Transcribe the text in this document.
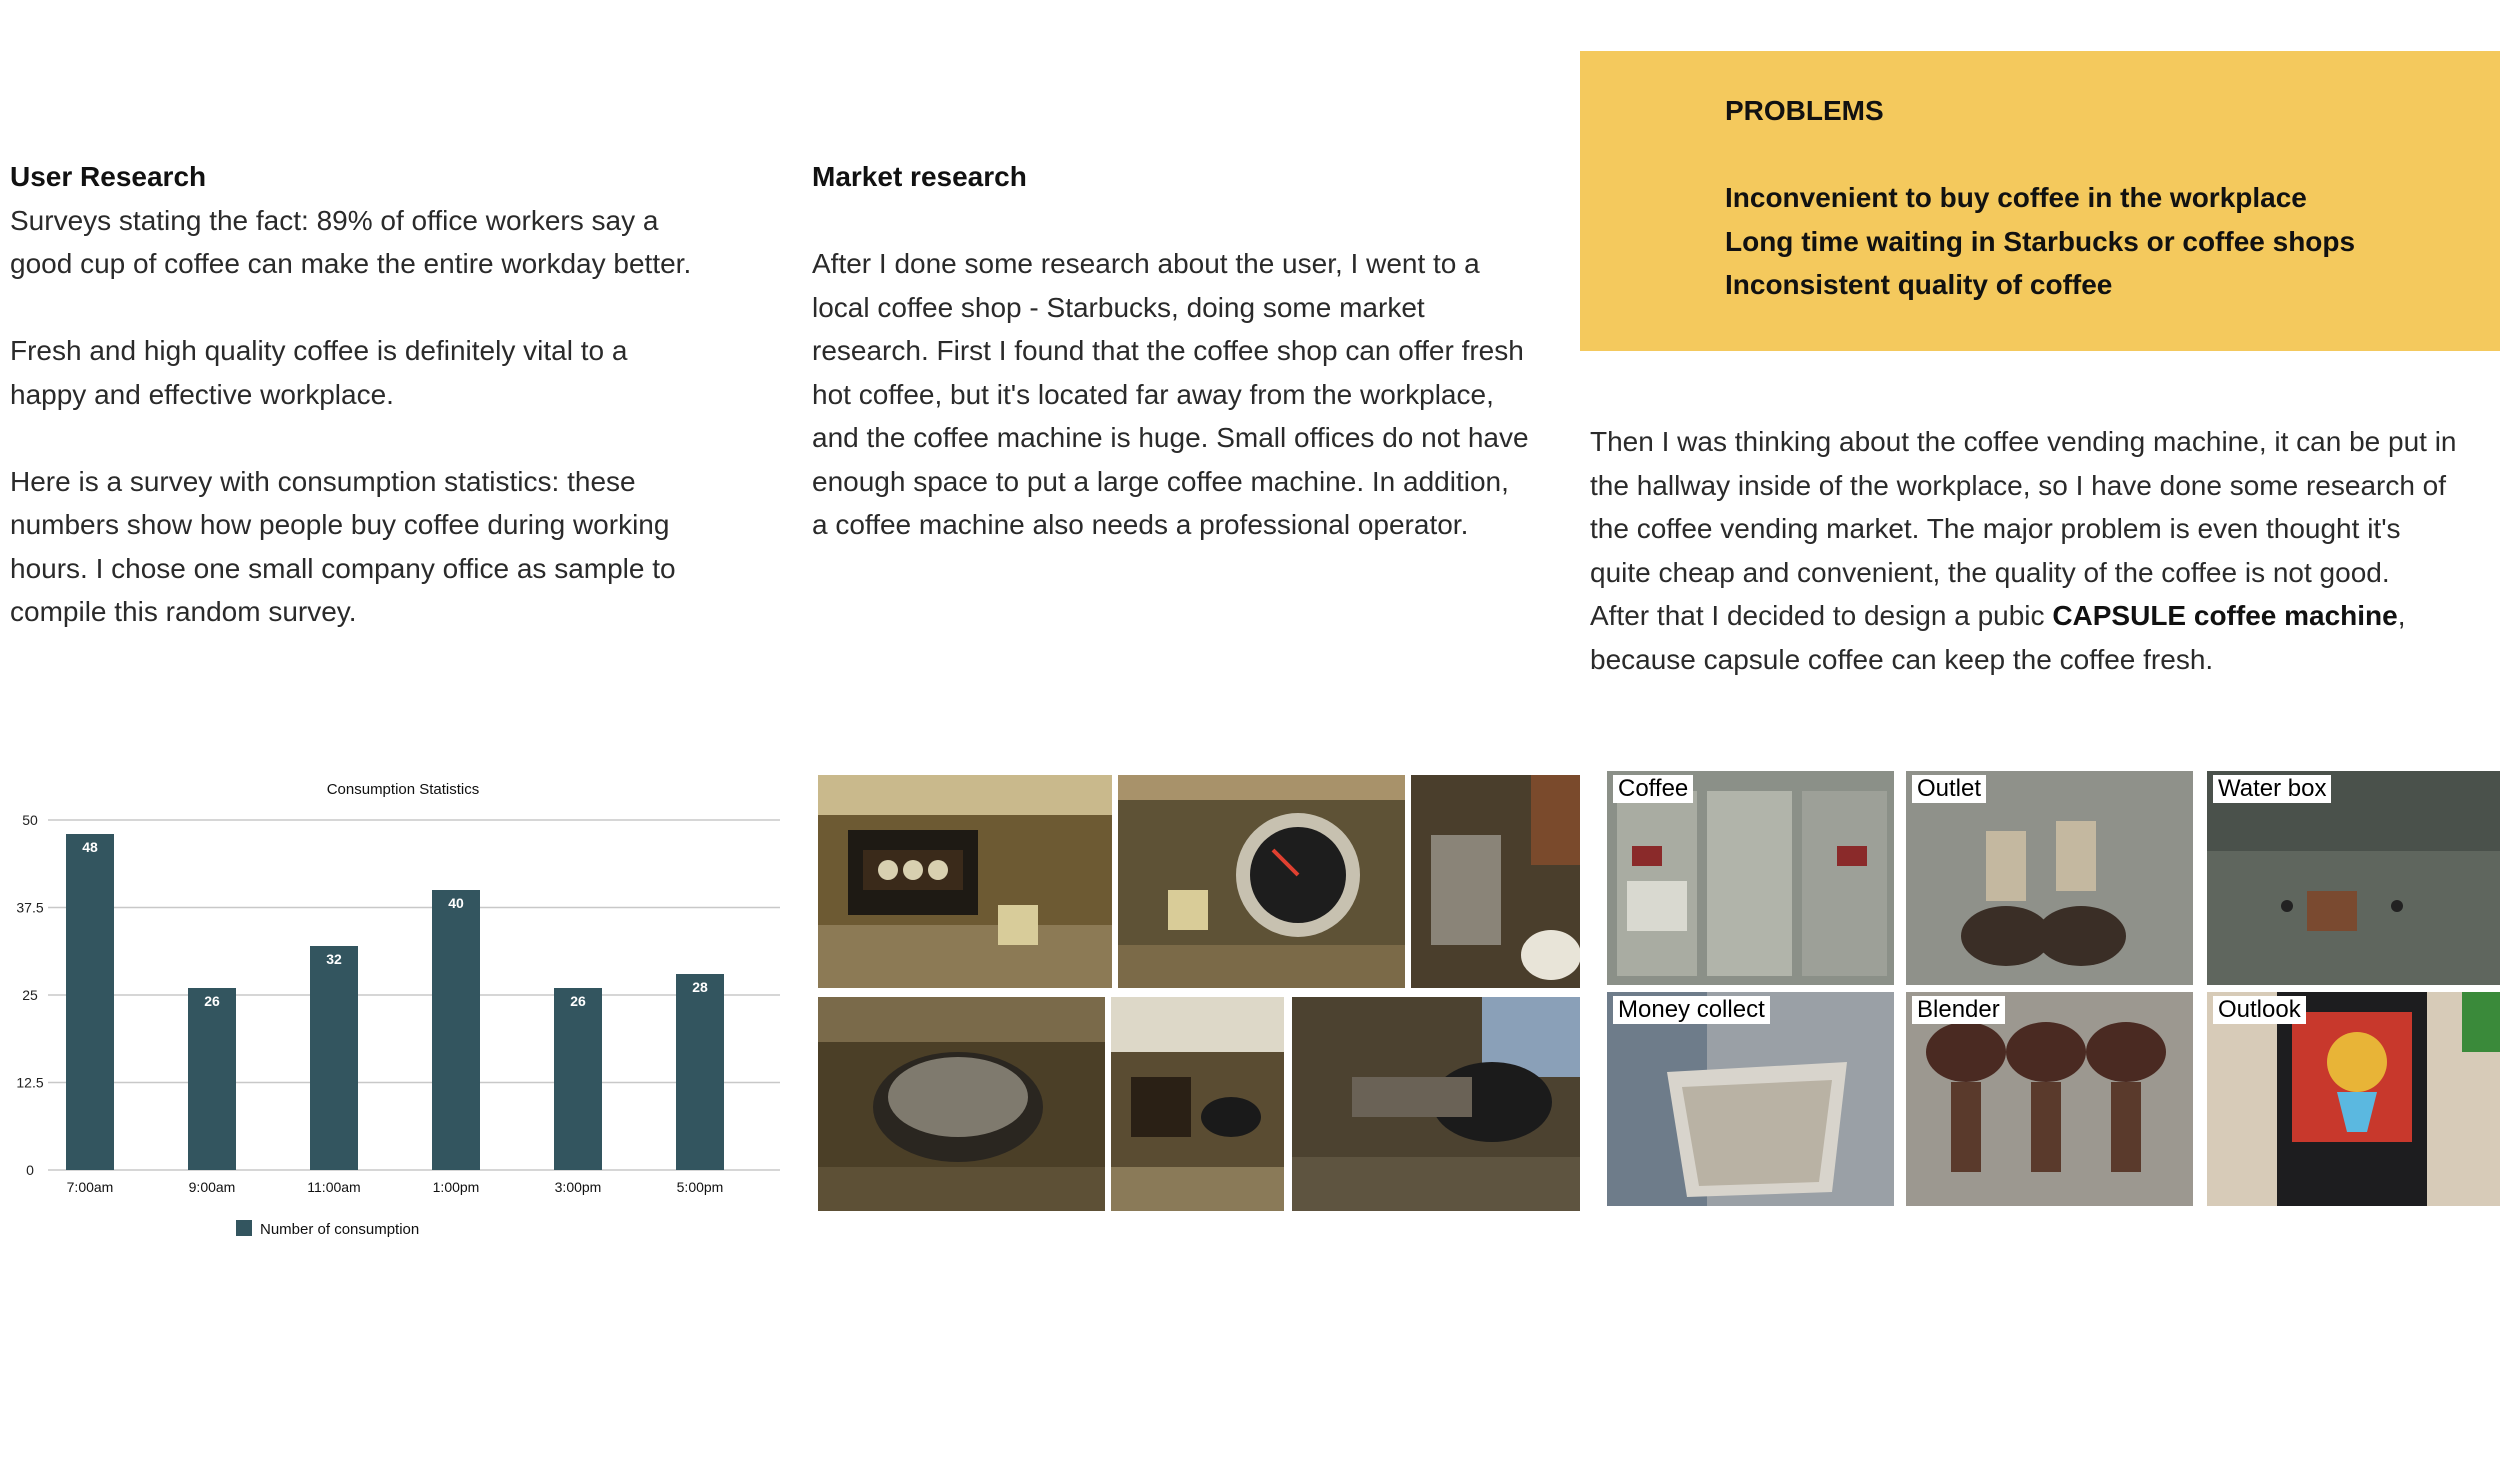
User Research

Surveys stating the fact: 89% of office workers say a good cup of coffee can make the entire workday better.

Fresh and high quality coffee is definitely vital to a happy and effective workplace.

Here is a survey with consumption statistics: these numbers show how people buy coffee during working hours. I chose one small company office as sample to compile this random survey.

Market research

After I done some research about the user, I went to a local coffee shop - Starbucks, doing some market research. First I found that the coffee shop can offer fresh hot coffee, but it's located far away from the workplace, and the coffee machine is huge. Small offices do not have enough space to put a large coffee machine. In addition, a coffee machine also needs a professional operator.

PROBLEMS

Inconvenient to buy coffee in the workplace

Long time waiting in Starbucks or coffee shops

Inconsistent quality of coffee

Then I was thinking about the coffee vending machine, it can be put in the hallway inside of the workplace, so I have done some research of the coffee vending market. The major problem is even thought it's quite cheap and convenient, the quality of the coffee is not good.

After that I decided to design a pubic CAPSULE coffee machine, because capsule coffee can keep the coffee fresh.

Consumption Statistics
0
12.5
25
37.5
50
48
7:00am
26
9:00am
32
11:00am
40
1:00pm
26
3:00pm
28
5:00pm
Number of consumption
Coffee	Outlet	Water box
Money collect	Blender	Outlook
